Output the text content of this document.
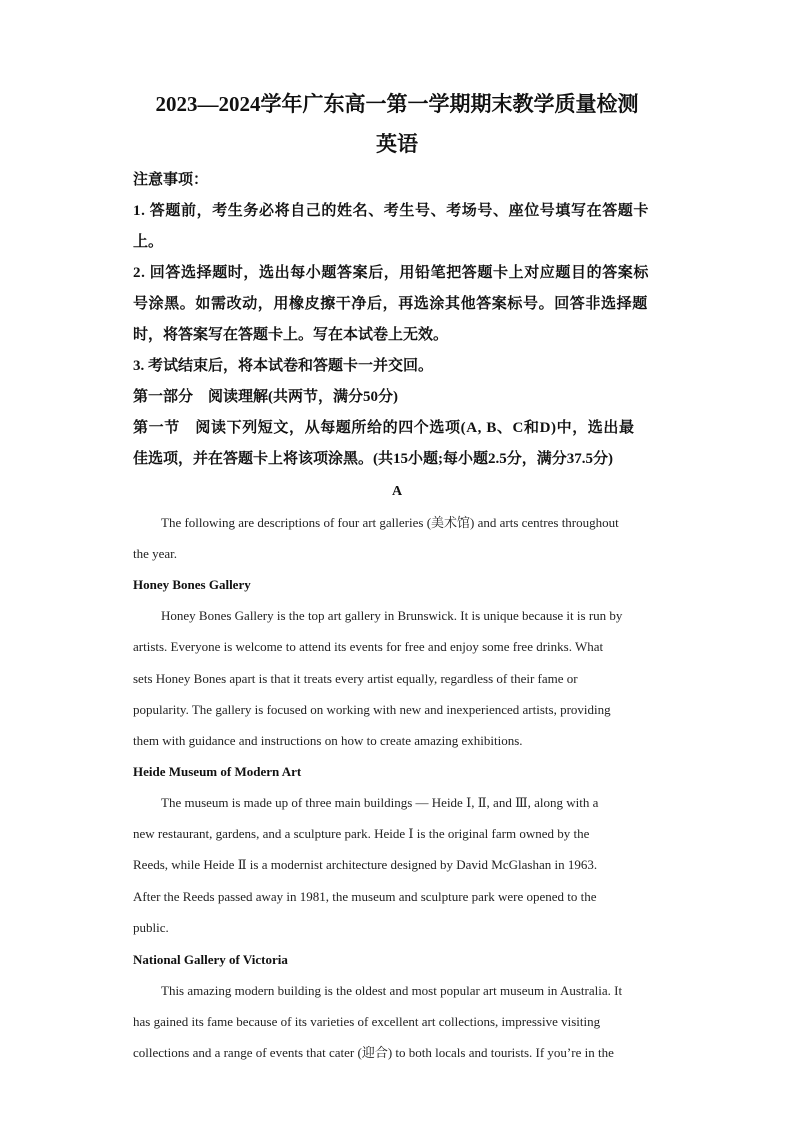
2023—2024学年广东高一第一学期期末教学质量检测
英语
注意事项：
1. 答题前，考生务必将自己的姓名、考生号、考场号、座位号填写在答题卡
上。
2. 回答选择题时，选出每小题答案后，用铅笔把答题卡上对应题目的答案标
号涂黑。如需改动，用橡皮擦干净后，再选涂其他答案标号。回答非选择题
时，将答案写在答题卡上。写在本试卷上无效。
3. 考试结束后，将本试卷和答题卡一并交回。
第一部分　阅读理解(共两节，满分50分)
第一节　阅读下列短文，从每题所给的四个选项(A, B、C和D)中，选出最
佳选项，并在答题卡上将该项涂黑。(共15小题;每小题2.5分，满分37.5分)
A
The following are descriptions of four art galleries (美术馆) and arts centres throughout
the year.
Honey Bones Gallery
Honey Bones Gallery is the top art gallery in Brunswick. It is unique because it is run by
artists. Everyone is welcome to attend its events for free and enjoy some free drinks. What
sets Honey Bones apart is that it treats every artist equally, regardless of their fame or
popularity. The gallery is focused on working with new and inexperienced artists, providing
them with guidance and instructions on how to create amazing exhibitions.
Heide Museum of Modern Art
The museum is made up of three main buildings — Heide Ⅰ, Ⅱ, and Ⅲ, along with a
new restaurant, gardens, and a sculpture park. Heide Ⅰ is the original farm owned by the
Reeds, while Heide Ⅱ is a modernist architecture designed by David McGlashan in 1963.
After the Reeds passed away in 1981, the museum and sculpture park were opened to the
public.
National Gallery of Victoria
This amazing modern building is the oldest and most popular art museum in Australia. It
has gained its fame because of its varieties of excellent art collections, impressive visiting
collections and a range of events that cater (迎合) to both locals and tourists. If you’re in the
